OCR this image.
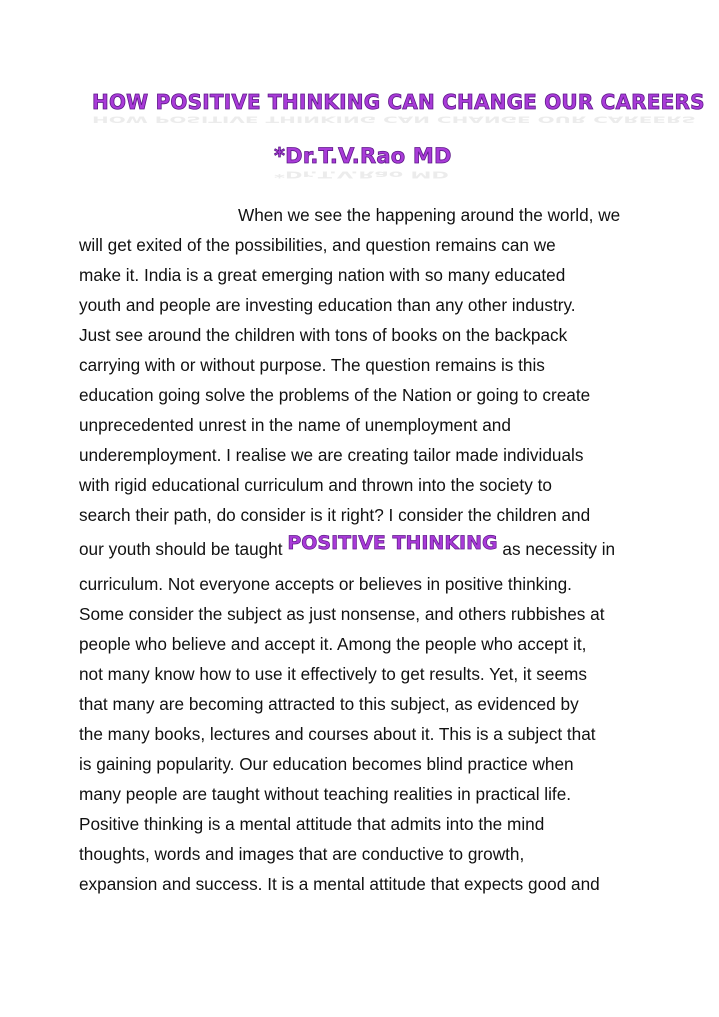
HOW POSITIVE THINKING CAN CHANGE OUR CAREERS
HOW POSITIVE THINKING CAN CHANGE OUR CAREERS
*Dr.T.V.Rao MD
*Dr.T.V.Rao MD
When we see the happening around the world, we
will get exited of the possibilities, and question remains can we
make it. India is a great emerging nation with so many educated
youth and people are investing education than any other industry.
Just see around the children with tons of books on the backpack
carrying with or without purpose. The question remains is this
education going solve the problems of the Nation or going to create
unprecedented unrest in the name of unemployment and
underemployment. I realise we are creating tailor made individuals
with rigid educational curriculum and thrown into the society to
search their path, do consider is it right? I consider the children and
our youth should be taught POSITIVE THINKING as necessity in
curriculum. Not everyone accepts or believes in positive thinking.
Some consider the subject as just nonsense, and others rubbishes at
people who believe and accept it. Among the people who accept it,
not many know how to use it effectively to get results. Yet, it seems
that many are becoming attracted to this subject, as evidenced by
the many books, lectures and courses about it. This is a subject that
is gaining popularity. Our education becomes blind practice when
many people are taught without teaching realities in practical life.
Positive thinking is a mental attitude that admits into the mind
thoughts, words and images that are conductive to growth,
expansion and success. It is a mental attitude that expects good and
